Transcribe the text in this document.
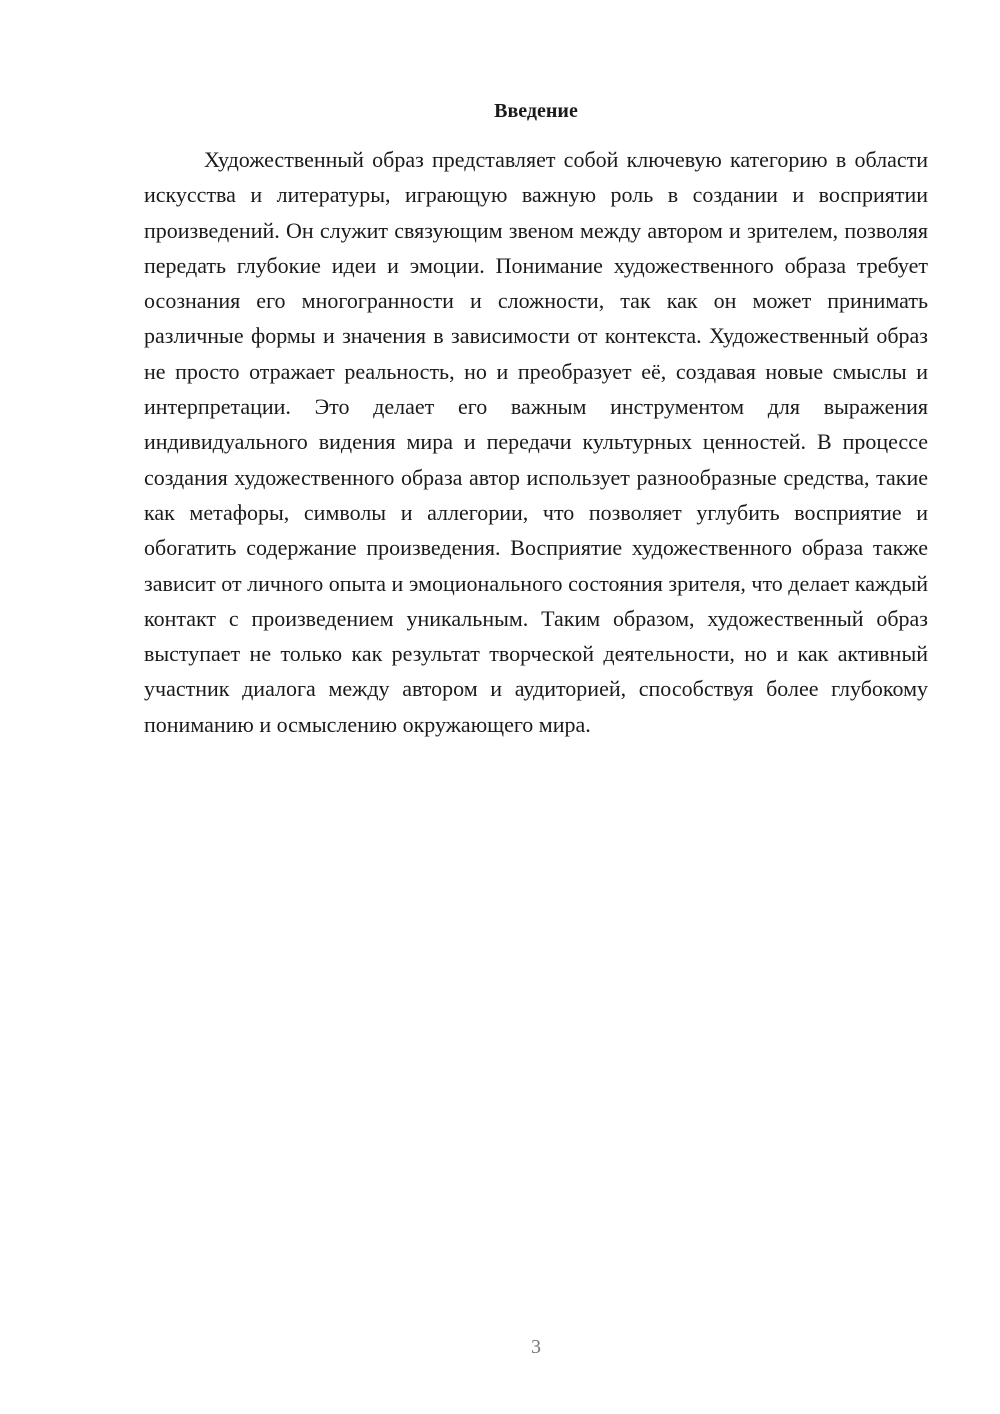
Введение

Художественный образ представляет собой ключевую категорию в области искусства и литературы, играющую важную роль в создании и восприятии произведений. Он служит связующим звеном между автором и зрителем, позволяя передать глубокие идеи и эмоции. Понимание художественного образа требует осознания его многогранности и сложности, так как он может принимать различные формы и значения в зависимости от контекста. Художественный образ не просто отражает реальность, но и преобразует её, создавая новые смыслы и интерпретации. Это делает его важным инструментом для выражения индивидуального видения мира и передачи культурных ценностей. В процессе создания художественного образа автор использует разнообразные средства, такие как метафоры, символы и аллегории, что позволяет углубить восприятие и обогатить содержание произведения. Восприятие художественного образа также зависит от личного опыта и эмоционального состояния зрителя, что делает каждый контакт с произведением уникальным. Таким образом, художественный образ выступает не только как результат творческой деятельности, но и как активный участник диалога между автором и аудиторией, способствуя более глубокому пониманию и осмыслению окружающего мира.

3
